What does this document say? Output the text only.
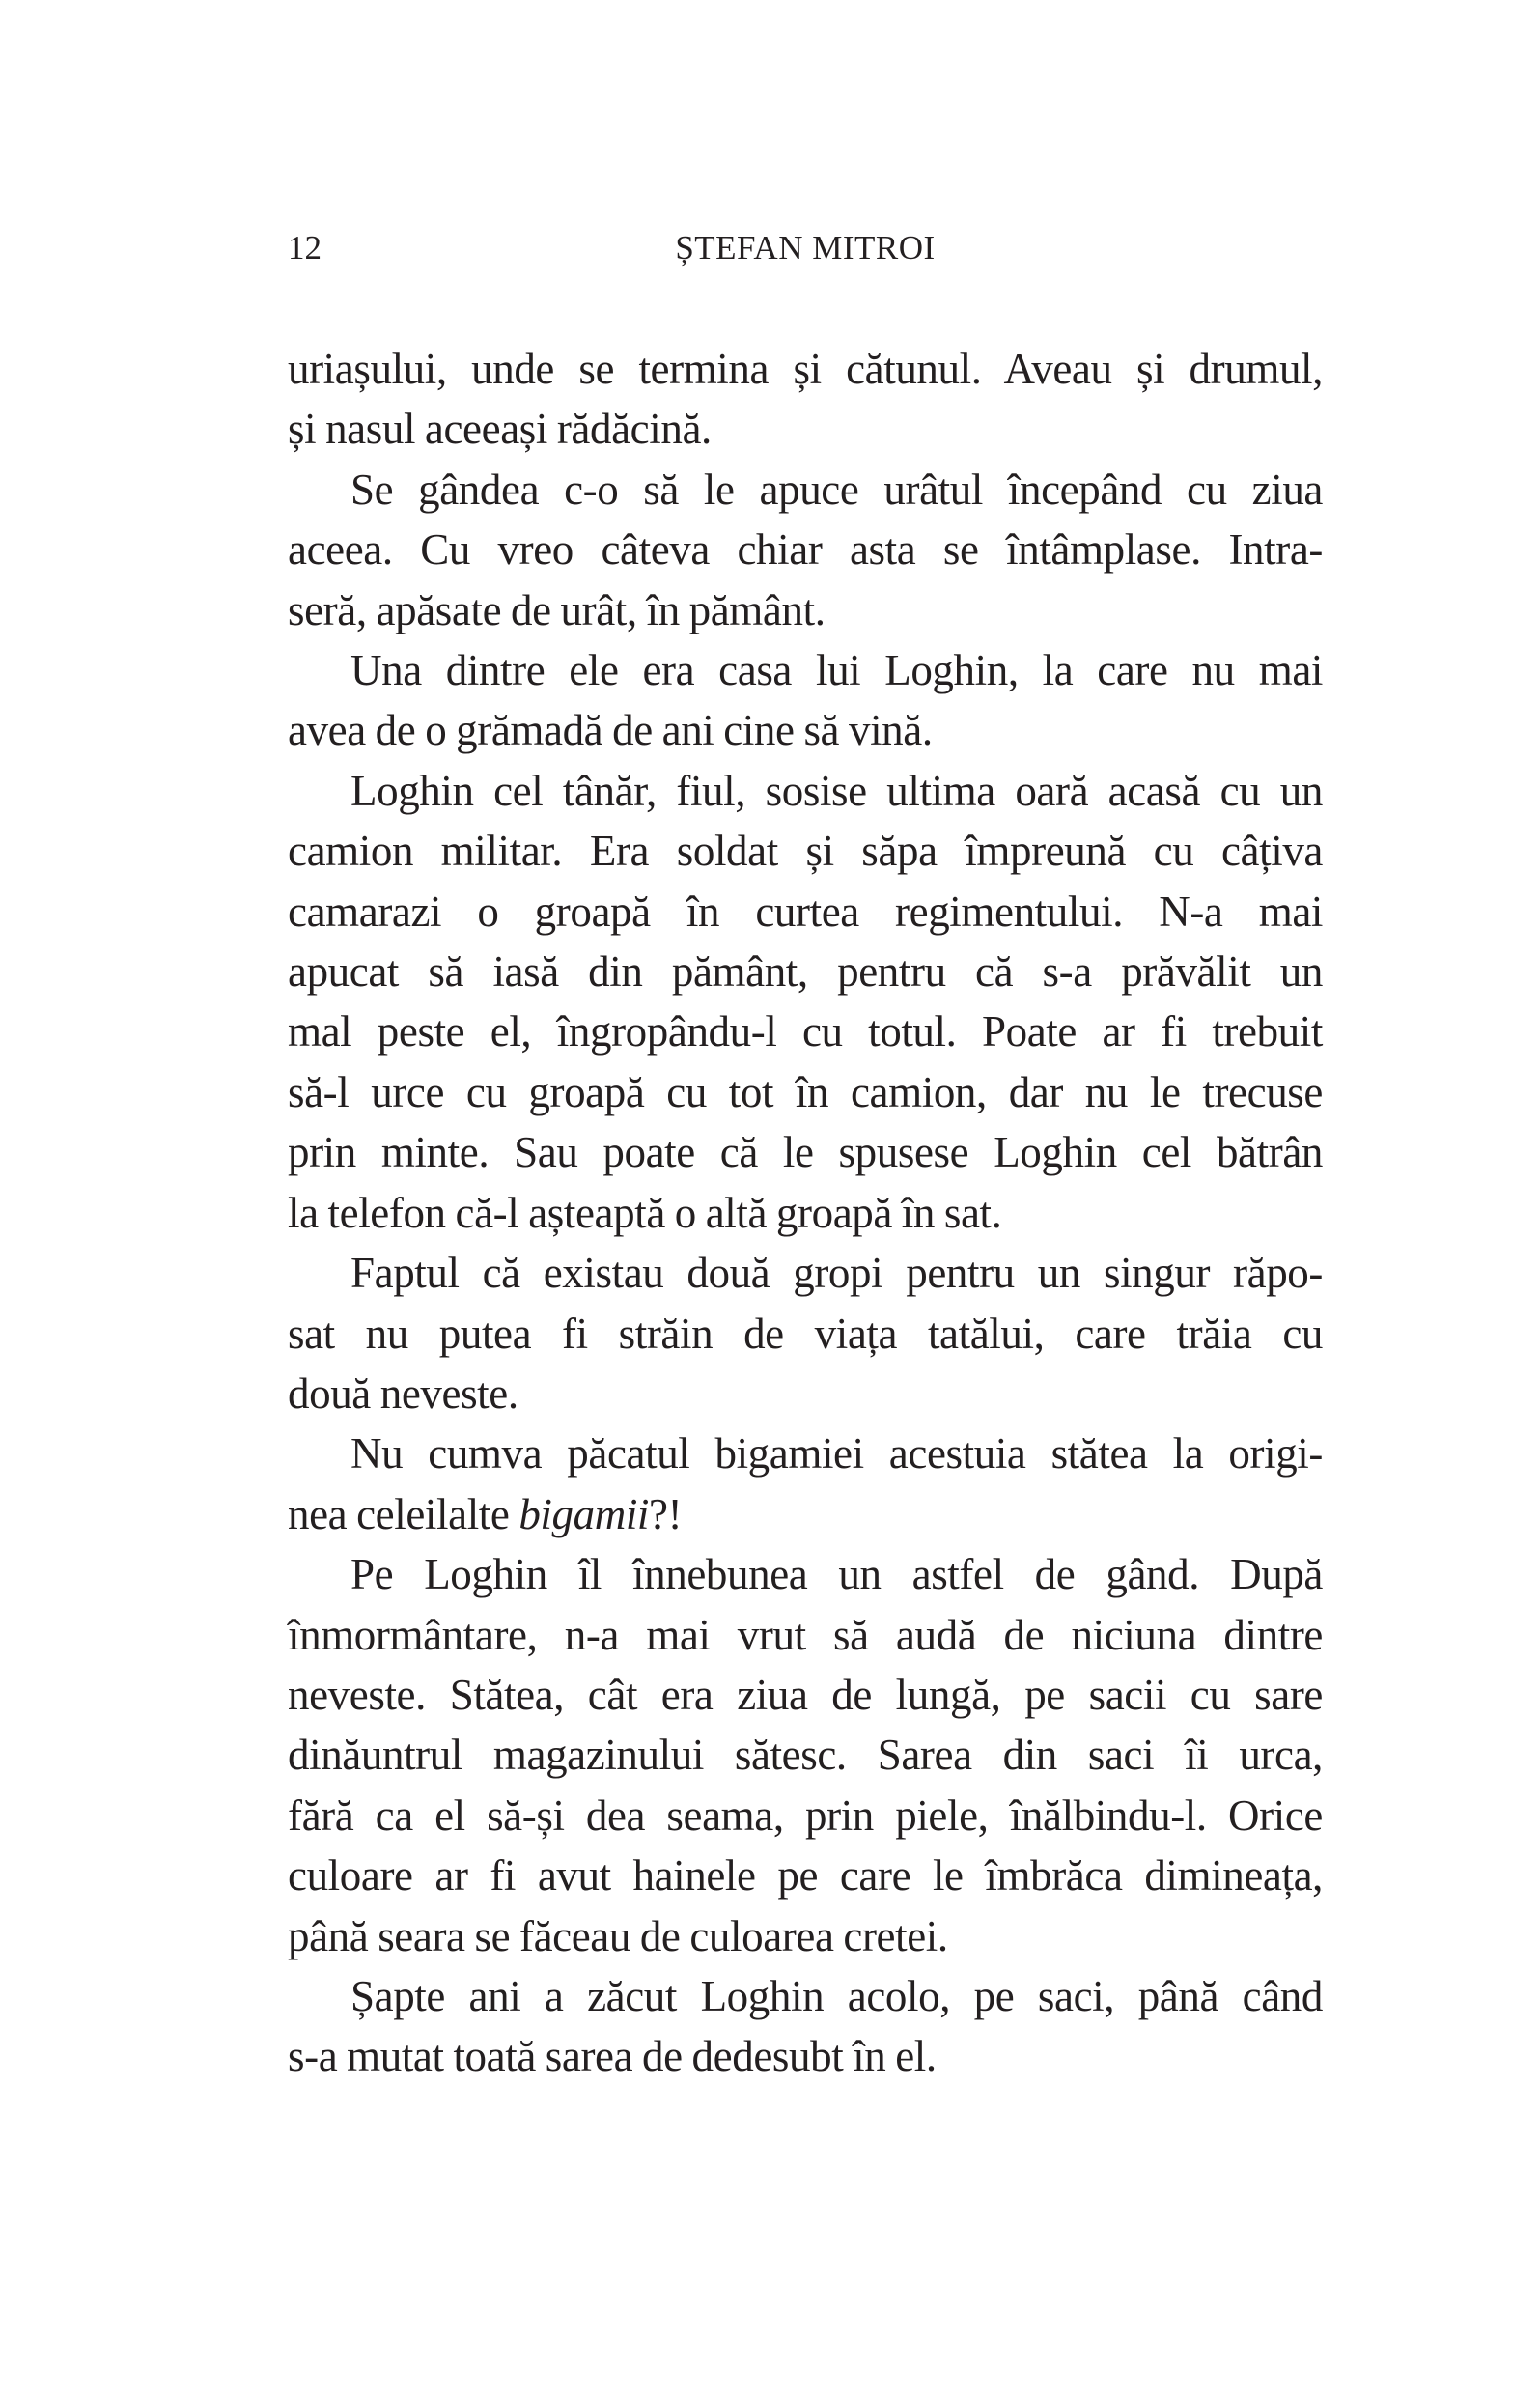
12	ȘTEFAN MITROI
uriașului, unde se termina și cătunul. Aveau și drumul,
și nasul aceeași rădăcină.
Se gândea c-o să le apuce urâtul începând cu ziua
aceea. Cu vreo câteva chiar asta se întâmplase. Intra-
seră, apăsate de urât, în pământ.
Una dintre ele era casa lui Loghin, la care nu mai
avea de o grămadă de ani cine să vină.
Loghin cel tânăr, fiul, sosise ultima oară acasă cu un
camion militar. Era soldat și săpa împreună cu câțiva
camarazi o groapă în curtea regimentului. N-a mai
apucat să iasă din pământ, pentru că s-a prăvălit un
mal peste el, îngropându-l cu totul. Poate ar fi trebuit
să-l urce cu groapă cu tot în camion, dar nu le trecuse
prin minte. Sau poate că le spusese Loghin cel bătrân
la telefon că-l așteaptă o altă groapă în sat.
Faptul că existau două gropi pentru un singur răpo-
sat nu putea fi străin de viața tatălui, care trăia cu
două neveste.
Nu cumva păcatul bigamiei acestuia stătea la origi-
nea celeilalte bigamii?!
Pe Loghin îl înnebunea un astfel de gând. După
înmormântare, n-a mai vrut să audă de niciuna dintre
neveste. Stătea, cât era ziua de lungă, pe sacii cu sare
dinăuntrul magazinului sătesc. Sarea din saci îi urca,
fără ca el să-și dea seama, prin piele, înălbindu-l. Orice
culoare ar fi avut hainele pe care le îmbrăca dimineața,
până seara se făceau de culoarea cretei.
Șapte ani a zăcut Loghin acolo, pe saci, până când
s-a mutat toată sarea de dedesubt în el.
